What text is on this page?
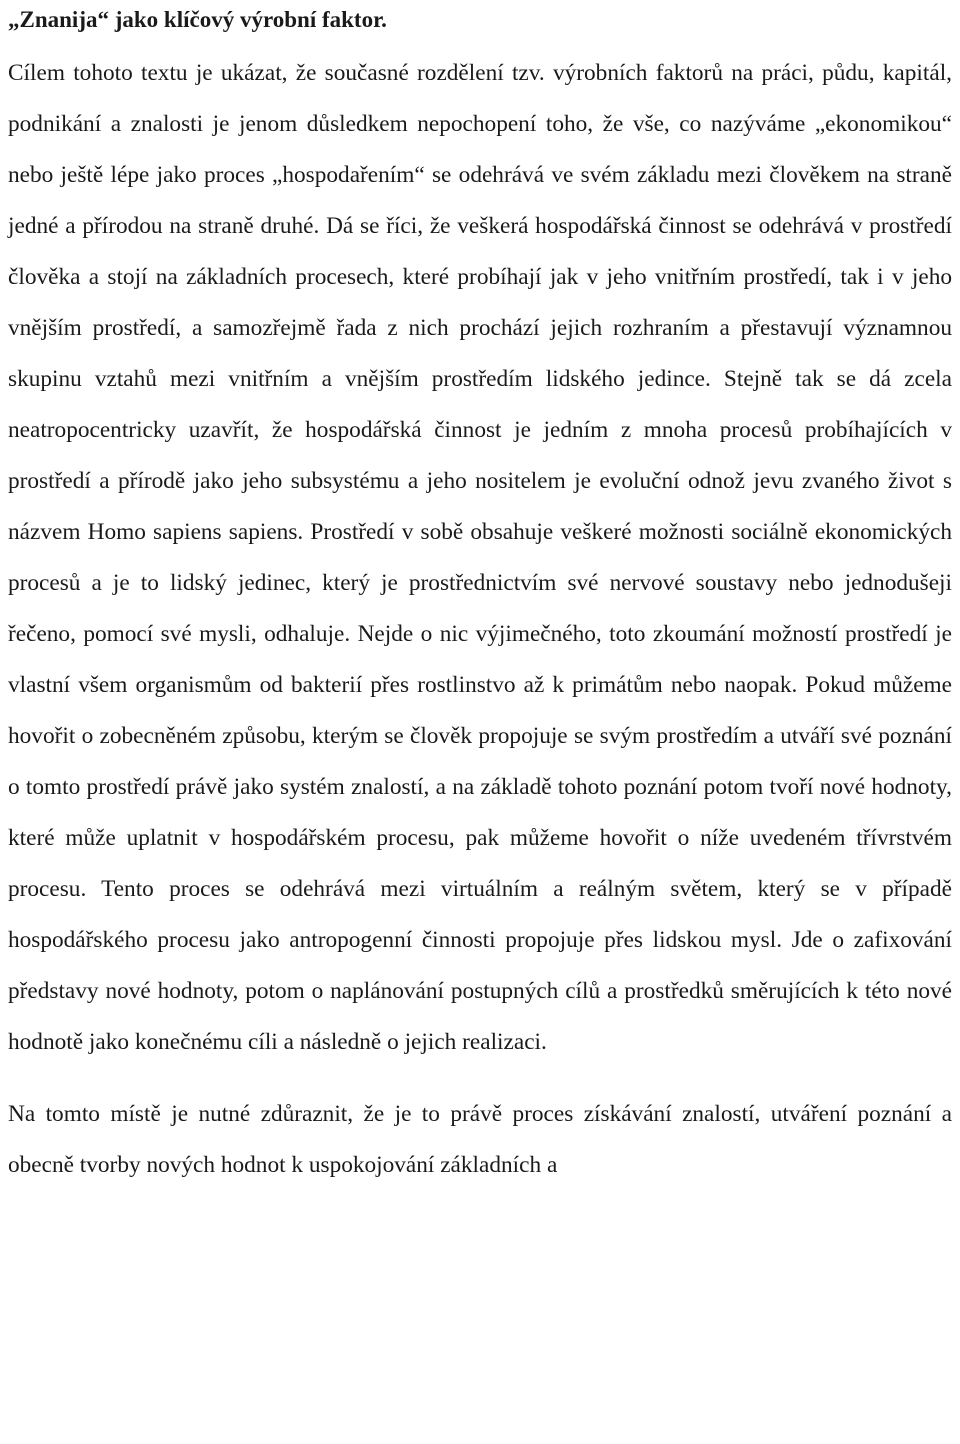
„Znanija“ jako klíčový výrobní faktor.

Cílem tohoto textu je ukázat, že současné rozdělení tzv. výrobních faktorů na práci, půdu, kapitál, podnikání a znalosti je jenom důsledkem nepochopení toho, že vše, co nazýváme „ekonomikou“ nebo ještě lépe jako proces „hospodařením“ se odehrává ve svém základu mezi člověkem na straně jedné a přírodou na straně druhé. Dá se říci, že veškerá hospodářská činnost se odehrává v prostředí člověka a stojí na základních procesech, které probíhají jak v jeho vnitřním prostředí, tak i v jeho vnějším prostředí, a samozřejmě řada z nich prochází jejich rozhraním a přestavují významnou skupinu vztahů mezi vnitřním a vnějším prostředím lidského jedince. Stejně tak se dá zcela neatropocentricky uzavřít, že hospodářská činnost je jedním z mnoha procesů probíhajících v prostředí a přírodě jako jeho subsystému a jeho nositelem je evoluční odnož jevu zvaného život s názvem Homo sapiens sapiens. Prostředí v sobě obsahuje veškeré možnosti sociálně ekonomických procesů a je to lidský jedinec, který je prostřednictvím své nervové soustavy nebo jednodušeji řečeno, pomocí své mysli, odhaluje. Nejde o nic výjimečného, toto zkoumání možností prostředí je vlastní všem organismům od bakterií přes rostlinstvo až k primátům nebo naopak. Pokud můžeme hovořit o zobecněném způsobu, kterým se člověk propojuje se svým prostředím a utváří své poznání o tomto prostředí právě jako systém znalostí, a na základě tohoto poznání potom tvoří nové hodnoty, které může uplatnit v hospodářském procesu, pak můžeme hovořit o níže uvedeném třívrstvém procesu. Tento proces se odehrává mezi virtuálním a reálným světem, který se v případě hospodářského procesu jako antropogenní činnosti propojuje přes lidskou mysl. Jde o zafixování představy nové hodnoty, potom o naplánování postupných cílů a prostředků směrujících k této nové hodnotě jako konečnému cíli a následně o jejich realizaci.

Na tomto místě je nutné zdůraznit, že je to právě proces získávání znalostí, utváření poznání a obecně tvorby nových hodnot k uspokojování základních a
